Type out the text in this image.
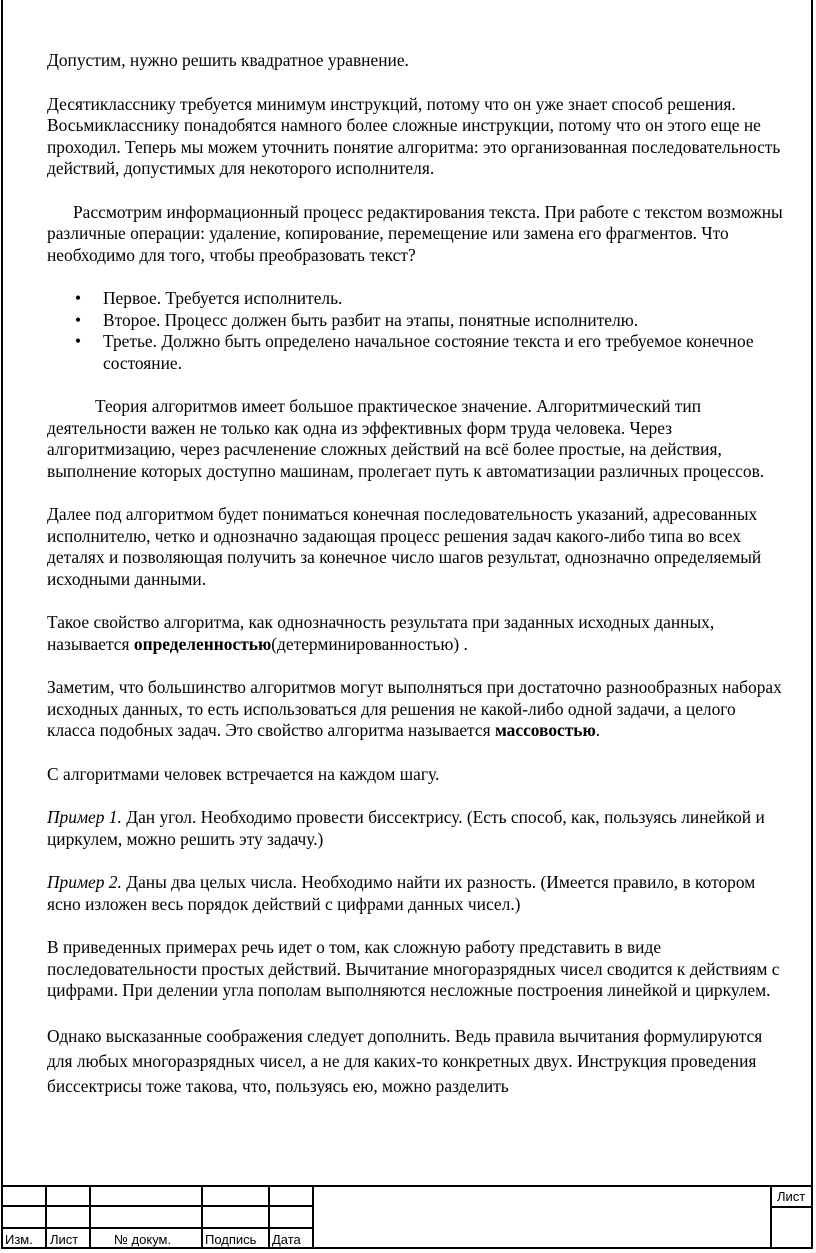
Допустим, нужно решить квадратное уравнение.

Десятикласснику требуется минимум инструкций, потому что он уже знает способ решения. Восьмикласснику понадобятся намного более сложные инструкции, потому что он этого еще не проходил. Теперь мы можем уточнить понятие алгоритма: это организованная последовательность действий, допустимых для некоторого исполнителя.

Рассмотрим информационный процесс редактирования текста. При работе с текстом возможны различные операции: удаление, копирование, перемещение или замена его фрагментов. Что необходимо для того, чтобы преобразовать текст?

• Первое. Требуется исполнитель.
• Второе. Процесс должен быть разбит на этапы, понятные исполнителю.
• Третье. Должно быть определено начальное состояние текста и его требуемое конечное состояние.

Теория алгоритмов имеет большое практическое значение. Алгоритмический тип деятельности важен не только как одна из эффективных форм труда человека. Через алгоритмизацию, через расчленение сложных действий на всё более простые, на действия, выполнение которых доступно машинам, пролегает путь к автоматизации различных процессов.

Далее под алгоритмом будет пониматься конечная последовательность указаний, адресованных исполнителю, четко и однозначно задающая процесс решения задач какого-либо типа во всех деталях и позволяющая получить за конечное число шагов результат, однозначно определяемый исходными данными.

Такое свойство алгоритма, как однозначность результата при заданных исходных данных, называется определенностью(детерминированностью) .

Заметим, что большинство алгоритмов могут выполняться при достаточно разнообразных наборах исходных данных, то есть использоваться для решения не какой-либо одной задачи, а целого класса подобных задач. Это свойство алгоритма называется массовостью.

С алгоритмами человек встречается на каждом шагу.

Пример 1. Дан угол. Необходимо провести биссектрису. (Есть способ, как, пользуясь линейкой и циркулем, можно решить эту задачу.)

Пример 2. Даны два целых числа. Необходимо найти их разность. (Имеется правило, в котором ясно изложен весь порядок действий с цифрами данных чисел.)

В приведенных примерах речь идет о том, как сложную работу представить в виде последовательности простых действий. Вычитание многоразрядных чисел сводится к действиям с цифрами. При делении угла пополам выполняются несложные построения линейкой и циркулем.

Однако высказанные соображения следует дополнить. Ведь правила вычитания формулируются для любых многоразрядных чисел, а не для каких-то конкретных двух. Инструкция проведения биссектрисы тоже такова, что, пользуясь ею, можно разделить

Изм. Лист	№ докум.	Подпись Дата
Лист
